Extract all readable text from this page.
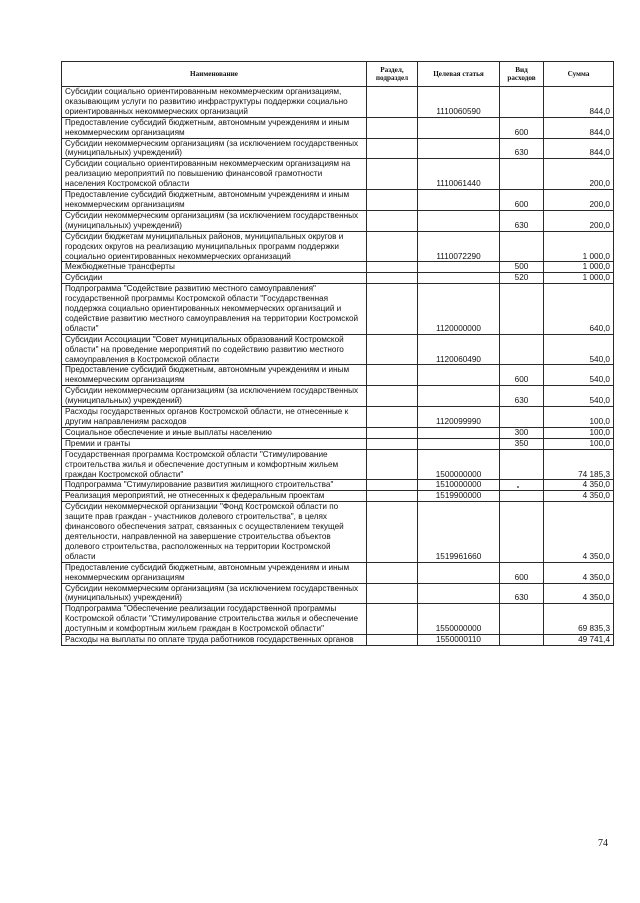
Наименование	Раздел, подраздел	Целевая статья	Вид расходов	Сумма
Субсидии социально ориентированным некоммерческим организациям, оказывающим услуги по развитию инфраструктуры поддержки социально ориентированных некоммерческих организаций		1110060590		844,0
Предоставление субсидий бюджетным, автономным учреждениям и иным некоммерческим организациям			600	844,0
Субсидии некоммерческим организациям (за исключением государственных (муниципальных) учреждений)			630	844,0
Субсидии социально ориентированным некоммерческим организациям на реализацию мероприятий по повышению финансовой грамотности населения Костромской области		1110061440		200,0
Предоставление субсидий бюджетным, автономным учреждениям и иным некоммерческим организациям			600	200,0
Субсидии некоммерческим организациям (за исключением государственных (муниципальных) учреждений)			630	200,0
Субсидии бюджетам муниципальных районов, муниципальных округов и городских округов на реализацию муниципальных программ поддержки социально ориентированных некоммерческих организаций		1110072290		1 000,0
Межбюджетные трансферты			500	1 000,0
Субсидии			520	1 000,0
Подпрограмма "Содействие развитию местного самоуправления" государственной программы Костромской области "Государственная поддержка социально ориентированных некоммерческих организаций и содействие развитию местного самоуправления на территории Костромской области"		1120000000		640,0
Субсидии Ассоциации "Совет муниципальных образований Костромской области" на проведение мероприятий по содействию развитию местного самоуправления в Костромской области		1120060490		540,0
Предоставление субсидий бюджетным, автономным учреждениям и иным некоммерческим организациям			600	540,0
Субсидии некоммерческим организациям (за исключением государственных (муниципальных) учреждений)			630	540,0
Расходы государственных органов Костромской области, не отнесенные к другим направлениям расходов		1120099990		100,0
Социальное обеспечение и иные выплаты населению			300	100,0
Премии и гранты			350	100,0
Государственная программа Костромской области "Стимулирование строительства жилья и обеспечение доступным и комфортным жильем граждан Костромской области"		1500000000		74 185,3
Подпрограмма "Стимулирование развития жилищного строительства"		1510000000		4 350,0
Реализация мероприятий, не отнесенных к федеральным проектам		1519900000		4 350,0
Субсидии некоммерческой организации "Фонд Костромской области по защите прав граждан - участников долевого строительства", в целях финансового обеспечения затрат, связанных с осуществлением текущей деятельности, направленной на завершение строительства объектов долевого строительства, расположенных на территории Костромской области		1519961660		4 350,0
Предоставление субсидий бюджетным, автономным учреждениям и иным некоммерческим организациям			600	4 350,0
Субсидии некоммерческим организациям (за исключением государственных (муниципальных) учреждений)			630	4 350,0
Подпрограмма "Обеспечение реализации государственной программы Костромской области "Стимулирование строительства жилья и обеспечение доступным и комфортным жильем граждан в Костромской области"		1550000000		69 835,3
Расходы на выплаты по оплате труда работников государственных органов		1550000110		49 741,4
74
